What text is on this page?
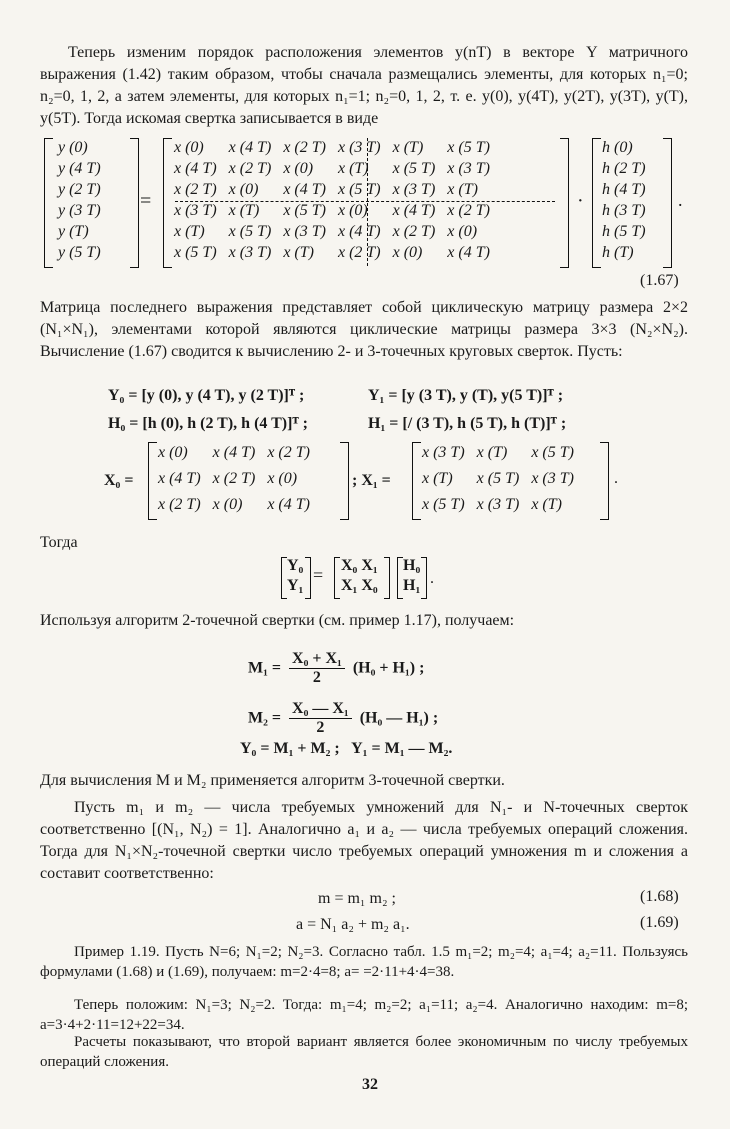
Теперь изменим порядок расположения элементов y(nT) в векторе Y матричного выражения (1.42) таким образом, чтобы сначала размещались элементы, для которых n₁=0; n₂=0, 1, 2, а затем элементы, для которых n₁=1; n₂=0, 1, 2, т. е. y(0), y(4T), y(2T), y(3T), y(T), y(5T). Тогда искомая свертка записывается в виде
y (0)
y (4 T)
y (2 T)
y (3 T)
y (T)
y (5 T)
=
x (0)	x (4 T)	x (2 T)	x (3 T)	x (T)	x (5 T)
x (4 T)	x (2 T)	x (0)	x (T)	x (5 T)	x (3 T)
x (2 T)	x (0)	x (4 T)	x (5 T)	x (3 T)	x (T)
x (3 T)	x (T)	x (5 T)	x (0)	x (4 T)	x (2 T)
x (T)	x (5 T)	x (3 T)	x (4 T)	x (2 T)	x (0)
x (5 T)	x (3 T)	x (T)	x (2 T)	x (0)	x (4 T)
·
h (0)
h (2 T)
h (4 T)
h (3 T)
h (5 T)
h (T)
.
(1.67)
Матрица последнего выражения представляет собой циклическую матрицу размера 2×2 (N₁×N₁), элементами которой являются циклические матрицы размера 3×3 (N₂×N₂). Вычисление (1.67) сводится к вычислению 2- и 3-точечных круговых сверток. Пусть:
Y₀ = [y (0), y (4 T), y (2 T)]ᵀ ;	Y₁ = [y (3 T), y (T), y(5 T)]ᵀ ;
H₀ = [h (0), h (2 T), h (4 T)]ᵀ ;	H₁ = [/ (3 T), h (5 T), h (T)]ᵀ ;
X₀ =
x (0)	x (4 T)	x (2 T)
x (4 T)	x (2 T)	x (0)
x (2 T)	x (0)	x (4 T)
; X₁ =
x (3 T)	x (T)	x (5 T)
x (T)	x (5 T)	x (3 T)
x (5 T)	x (3 T)	x (T)
.
Тогда
Y₀
Y₁
= X₀ X₁
X₁ X₀
H₀
H₁ .
Используя алгоритм 2-точечной свертки (см. пример 1.17), получаем:
$M_1 = \frac{\text{X₀ + X₁}}{2} (H_0 + H_1)$ ;
$M_2 = \frac{\text{X₀ — X₁}}{2} (H_0$ — H₁) ;
Y₀ = M₁ + M₂ ;   Y₁ = M₁ — M₂.
Для вычисления M и M₂ применяется алгоритм 3-точечной свертки.
Пусть m₁ и m₂ — числа требуемых умножений для N₁- и N-точечных сверток соответственно [(N₁, N₂) = 1]. Аналогично a₁ и a₂ — числа требуемых операций сложения. Тогда для N₁×N₂-точечной свертки число требуемых операций умножения m и сложения a составит соответственно:
m = m₁ m₂ ;	(1.68)
a = N₁ a₂ + m₂ a₁.	(1.69)
Пример 1.19. Пусть N=6; N₁=2; N₂=3. Согласно табл. 1.5 m₁=2; m₂=4; a₁=4; a₂=11. Пользуясь формулами (1.68) и (1.69), получаем: m=2·4=8; a= =2·11+4·4=38.
Теперь положим: N₁=3; N₂=2. Тогда: m₁=4; m₂=2; a₁=11; a₂=4. Аналогично находим: m=8; a=3·4+2·11=12+22=34.
Расчеты показывают, что второй вариант является более экономичным по числу требуемых операций сложения.
32
